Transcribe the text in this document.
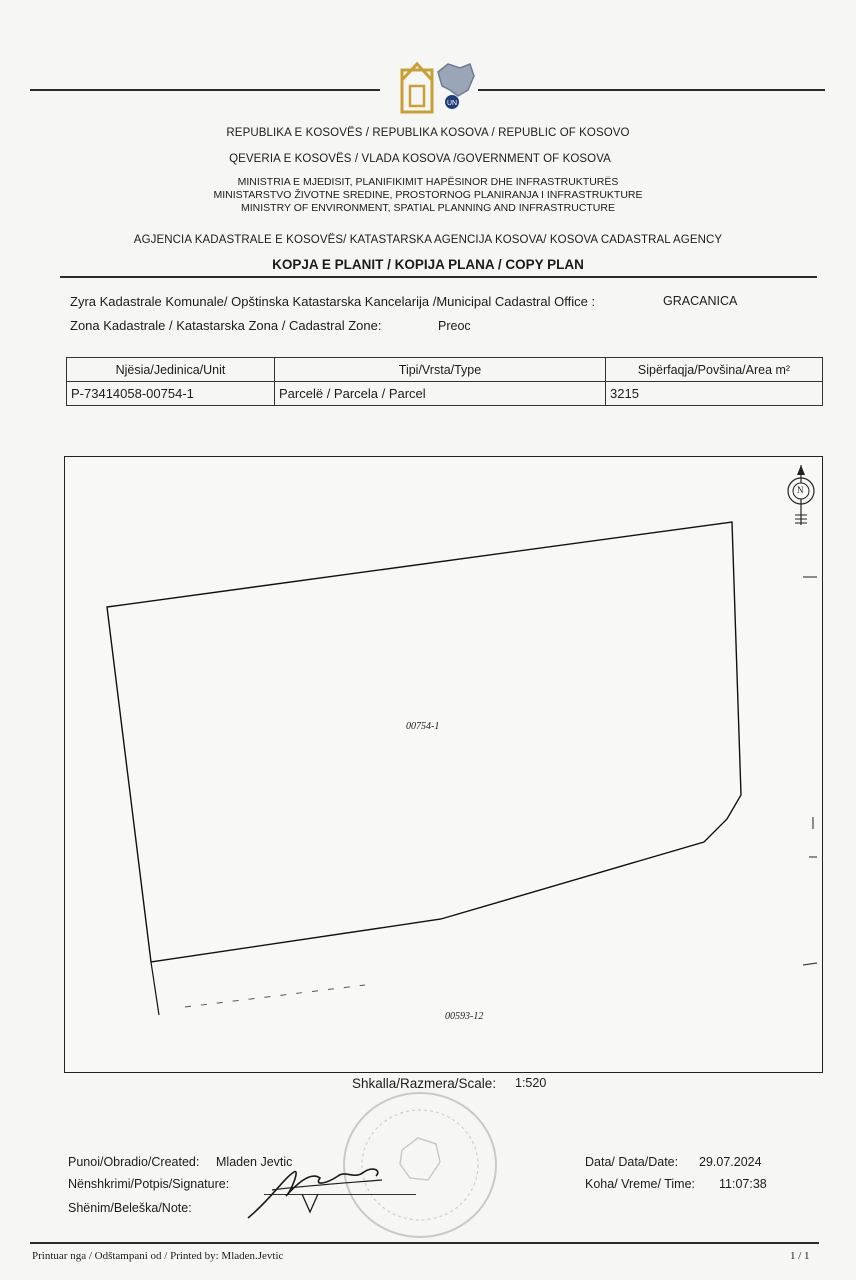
UN
REPUBLIKA E KOSOVËS / REPUBLIKA KOSOVA / REPUBLIC OF KOSOVO
QEVERIA E KOSOVËS / VLADA KOSOVA /GOVERNMENT OF KOSOVA
MINISTRIA E MJEDISIT, PLANIFIKIMIT HAPËSINOR DHE INFRASTRUKTURËS
MINISTARSTVO ŽIVOTNE SREDINE, PROSTORNOG PLANIRANJA I INFRASTRUKTURE
MINISTRY OF ENVIRONMENT, SPATIAL PLANNING AND INFRASTRUCTURE
AGJENCIA KADASTRALE E KOSOVËS/ KATASTARSKA AGENCIJA KOSOVA/ KOSOVA CADASTRAL AGENCY
KOPJA E PLANIT / KOPIJA PLANA / COPY PLAN
Zyra Kadastrale Komunale/ Opštinska Katastarska Kancelarija /Municipal Cadastral Office :	GRACANICA
Zona Kadastrale / Katastarska Zona / Cadastral Zone:	Preoc
Njësia/Jedinica/Unit	Tipi/Vrsta/Type	Sipërfaqja/Povšina/Area m²
P-73414058-00754-1	Parcelë / Parcela / Parcel	3215
00754-1
00593-12
N
Shkalla/Razmera/Scale: 1:520
Punoi/Obradio/Created: Mladen Jevtic
Nënshkrimi/Potpis/Signature:
Shënim/Beleška/Note:
Data/ Data/Date: 29.07.2024
Koha/ Vreme/ Time: 11:07:38
Printuar nga / Odštampani od / Printed by: Mladen.Jevtic	1 / 1
